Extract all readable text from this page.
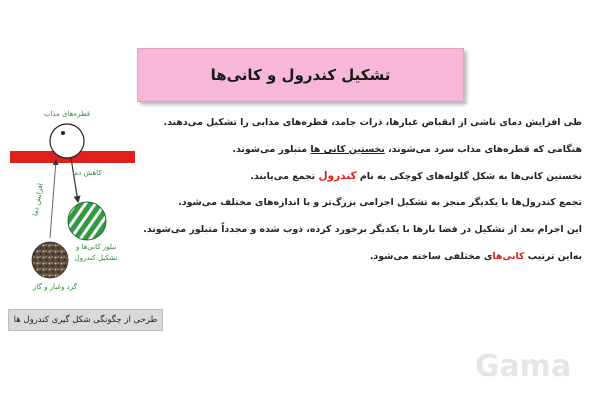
تشکیل کندرول و کانی‌ها
قطره‌های مذاب
کاهش دما
افزایش دما
تبلور کانی‌ها و
تشکیل کندرول
گرد وغبار و گاز
طرحی از چگونگی شکل گیری کندرول ها

طی افزایش دمای ناشی از انقباض غبارها، ذرات جامد، قطره‌های مذابی را تشکیل می‌دهند.

هنگامی که قطره‌های مذاب سرد می‌شوند، نخستین کانی‌ ها متبلور می‌شوند.

نخستین کانی‌ها به شکل گلوله‌های کوچکی به نام کندرول تجمع می‌یابند.

تجمع کندرول‌ها با یکدیگر منجر به تشکیل اجرامی بزرگ‌تر و با اندازه‌های مختلف می‌شود.

این اجرام بعد از تشکیل در فضا بارها با یکدیگر برخورد کرده، ذوب شده و مجدداً متبلور می‌شوند.

به‌این ترتیب کانی‌های مختلفی ساخته می‌شود.

Gama
